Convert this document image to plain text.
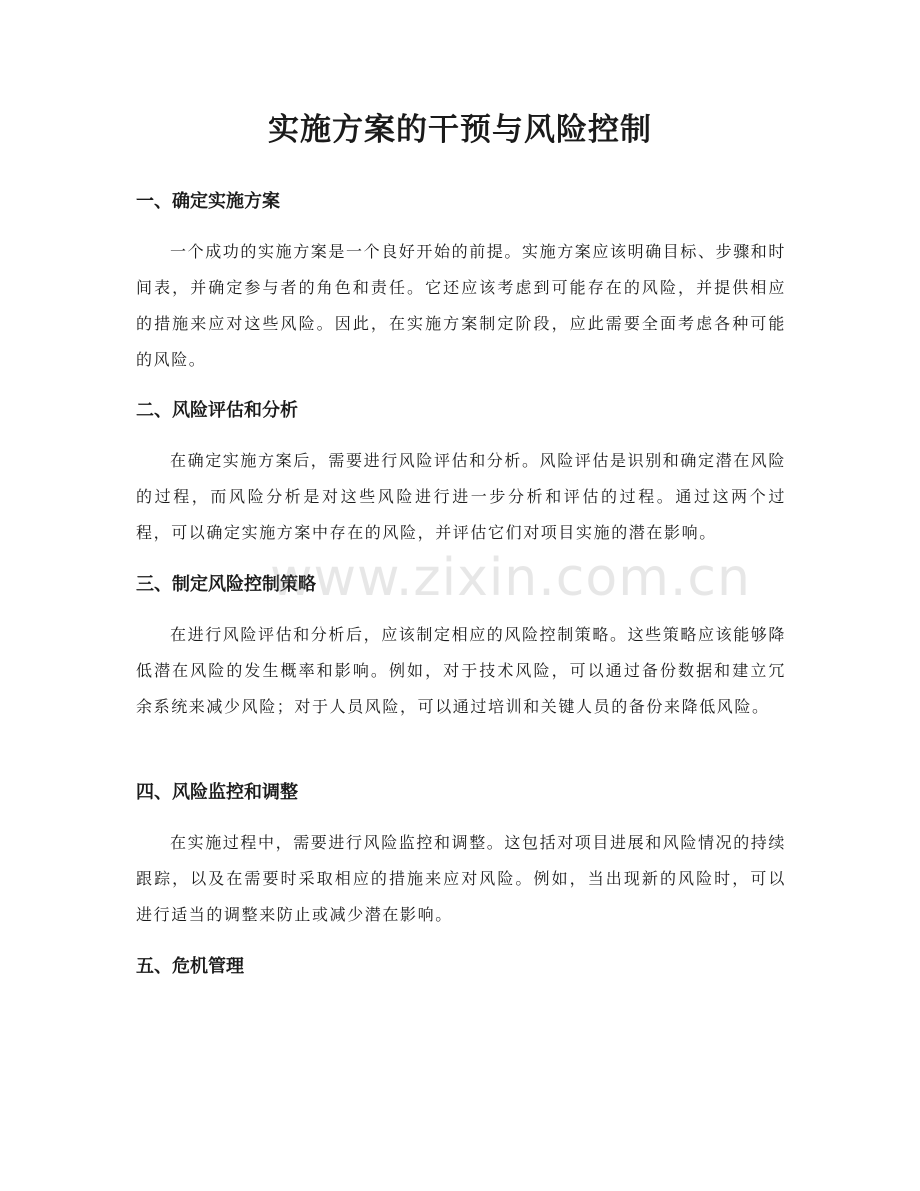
实施方案的干预与风险控制
一、确定实施方案
一个成功的实施方案是一个良好开始的前提。实施方案应该明确目标、步骤和时间表，并确定参与者的角色和责任。它还应该考虑到可能存在的风险，并提供相应的措施来应对这些风险。因此，在实施方案制定阶段，应此需要全面考虑各种可能的风险。
二、风险评估和分析
在确定实施方案后，需要进行风险评估和分析。风险评估是识别和确定潜在风险的过程，而风险分析是对这些风险进行进一步分析和评估的过程。通过这两个过程，可以确定实施方案中存在的风险，并评估它们对项目实施的潜在影响。
三、制定风险控制策略
在进行风险评估和分析后，应该制定相应的风险控制策略。这些策略应该能够降低潜在风险的发生概率和影响。例如，对于技术风险，可以通过备份数据和建立冗余系统来减少风险；对于人员风险，可以通过培训和关键人员的备份来降低风险。
四、风险监控和调整
在实施过程中，需要进行风险监控和调整。这包括对项目进展和风险情况的持续跟踪，以及在需要时采取相应的措施来应对风险。例如，当出现新的风险时，可以进行适当的调整来防止或减少潜在影响。
五、危机管理
www.zixin.com.cn
